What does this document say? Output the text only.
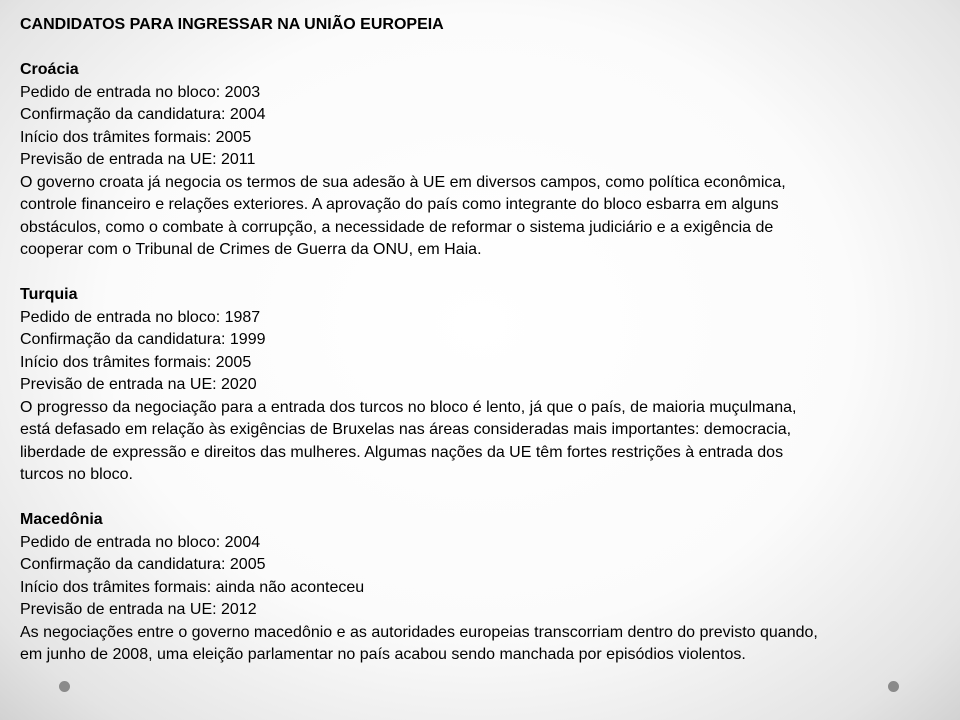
CANDIDATOS PARA INGRESSAR NA UNIÃO EUROPEIA
Croácia
Pedido de entrada no bloco: 2003
Confirmação da candidatura: 2004
Início dos trâmites formais: 2005
Previsão de entrada na UE: 2011
O governo croata já negocia os termos de sua adesão à UE em diversos campos, como política econômica,
controle financeiro e relações exteriores. A aprovação do país como integrante do bloco esbarra em alguns
obstáculos, como o combate à corrupção, a necessidade de reformar o sistema judiciário e a exigência de
cooperar com o Tribunal de Crimes de Guerra da ONU, em Haia.
Turquia
Pedido de entrada no bloco: 1987
Confirmação da candidatura: 1999
Início dos trâmites formais: 2005
Previsão de entrada na UE: 2020
O progresso da negociação para a entrada dos turcos no bloco é lento, já que o país, de maioria muçulmana,
está defasado em relação às exigências de Bruxelas nas áreas consideradas mais importantes: democracia,
liberdade de expressão e direitos das mulheres. Algumas nações da UE têm fortes restrições à entrada dos
turcos no bloco.
Macedônia
Pedido de entrada no bloco: 2004
Confirmação da candidatura: 2005
Início dos trâmites formais: ainda não aconteceu
Previsão de entrada na UE: 2012
As negociações entre o governo macedônio e as autoridades europeias transcorriam dentro do previsto quando,
em junho de 2008, uma eleição parlamentar no país acabou sendo manchada por episódios violentos.
